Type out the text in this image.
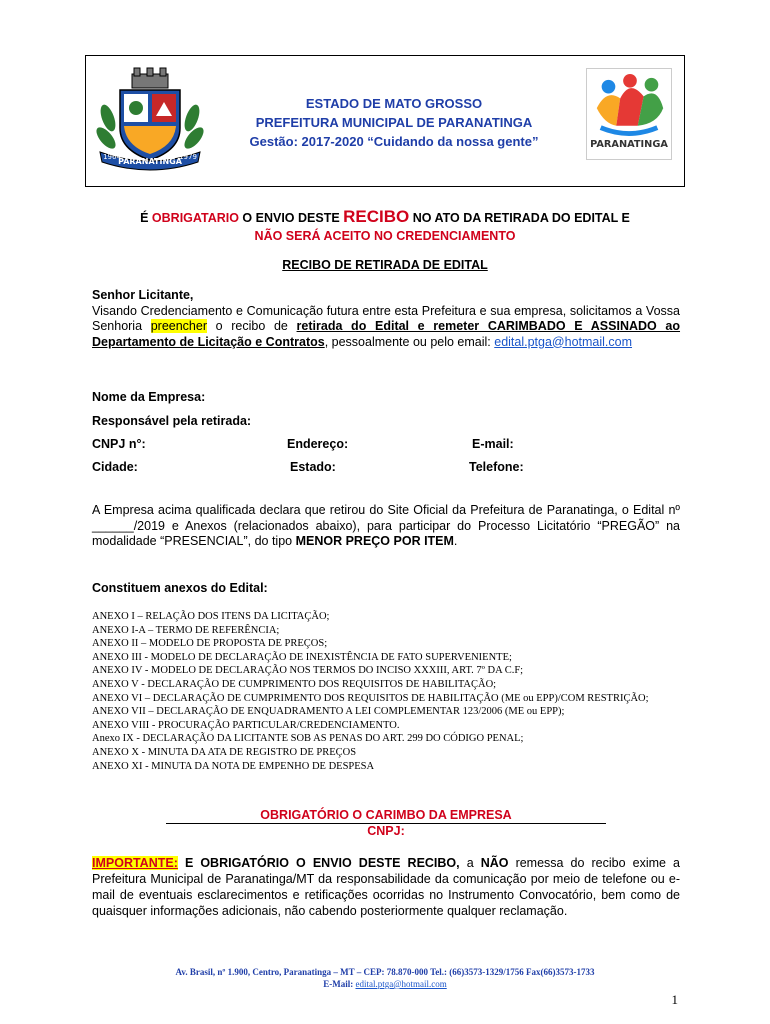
PARANATINGA
1964	1979
ESTADO DE MATO GROSSO
PREFEITURA MUNICIPAL DE PARANATINGA
Gestão: 2017-2020 “Cuidando da nossa gente”	PARANATINGA
É OBRIGATARIO O ENVIO DESTE RECIBO NO ATO DA RETIRADA DO EDITAL E
NÃO SERÁ ACEITO NO CREDENCIAMENTO
RECIBO DE RETIRADA DE EDITAL
Senhor Licitante,
Visando Credenciamento e Comunicação futura entre esta Prefeitura e sua empresa, solicitamos a Vossa Senhoria preencher o recibo de retirada do Edital e remeter CARIMBADO E ASSINADO ao Departamento de Licitação e Contratos, pessoalmente ou pelo email: edital.ptga@hotmail.com
Nome da Empresa:
Responsável pela retirada:
CNPJ n°:	Endereço:	E-mail:
Cidade:	Estado:	Telefone:
A Empresa acima qualificada declara que retirou do Site Oficial da Prefeitura de Paranatinga, o Edital nº ______/2019 e Anexos (relacionados abaixo), para participar do Processo Licitatório “PREGÃO” na modalidade “PRESENCIAL”, do tipo MENOR PREÇO POR ITEM.
Constituem anexos do Edital:
ANEXO I – RELAÇÃO DOS ITENS DA LICITAÇÃO;
ANEXO I-A – TERMO DE REFERÊNCIA;
ANEXO II – MODELO DE PROPOSTA DE PREÇOS;
ANEXO III - MODELO DE DECLARAÇÃO DE INEXISTÊNCIA DE FATO SUPERVENIENTE;
ANEXO IV - MODELO DE DECLARAÇÃO NOS TERMOS DO INCISO XXXIII, ART. 7º DA C.F;
ANEXO V - DECLARAÇÃO DE CUMPRIMENTO DOS REQUISITOS DE HABILITAÇÃO;
ANEXO VI – DECLARAÇÃO DE CUMPRIMENTO DOS REQUISITOS DE HABILITAÇÃO (ME ou EPP)/COM RESTRIÇÃO;
ANEXO VII – DECLARAÇÃO DE ENQUADRAMENTO A LEI COMPLEMENTAR 123/2006 (ME ou EPP);
ANEXO VIII - PROCURAÇÃO PARTICULAR/CREDENCIAMENTO.
Anexo IX - DECLARAÇÃO DA LICITANTE SOB AS PENAS DO ART. 299 DO CÓDIGO PENAL;
ANEXO X - MINUTA DA ATA DE REGISTRO DE PREÇOS
ANEXO XI - MINUTA DA NOTA DE EMPENHO DE DESPESA
OBRIGATÓRIO O CARIMBO DA EMPRESA
CNPJ:
IMPORTANTE: E OBRIGATÓRIO O ENVIO DESTE RECIBO, a NÃO remessa do recibo exime a Prefeitura Municipal de Paranatinga/MT da responsabilidade da comunicação por meio de telefone ou e-mail de eventuais esclarecimentos e retificações ocorridas no Instrumento Convocatório, bem como de quaisquer informações adicionais, não cabendo posteriormente qualquer reclamação.
Av. Brasil, nº 1.900, Centro, Paranatinga – MT – CEP: 78.870-000 Tel.: (66)3573-1329/1756 Fax(66)3573-1733
E-Mail: edital.ptga@hotmail.com
1
